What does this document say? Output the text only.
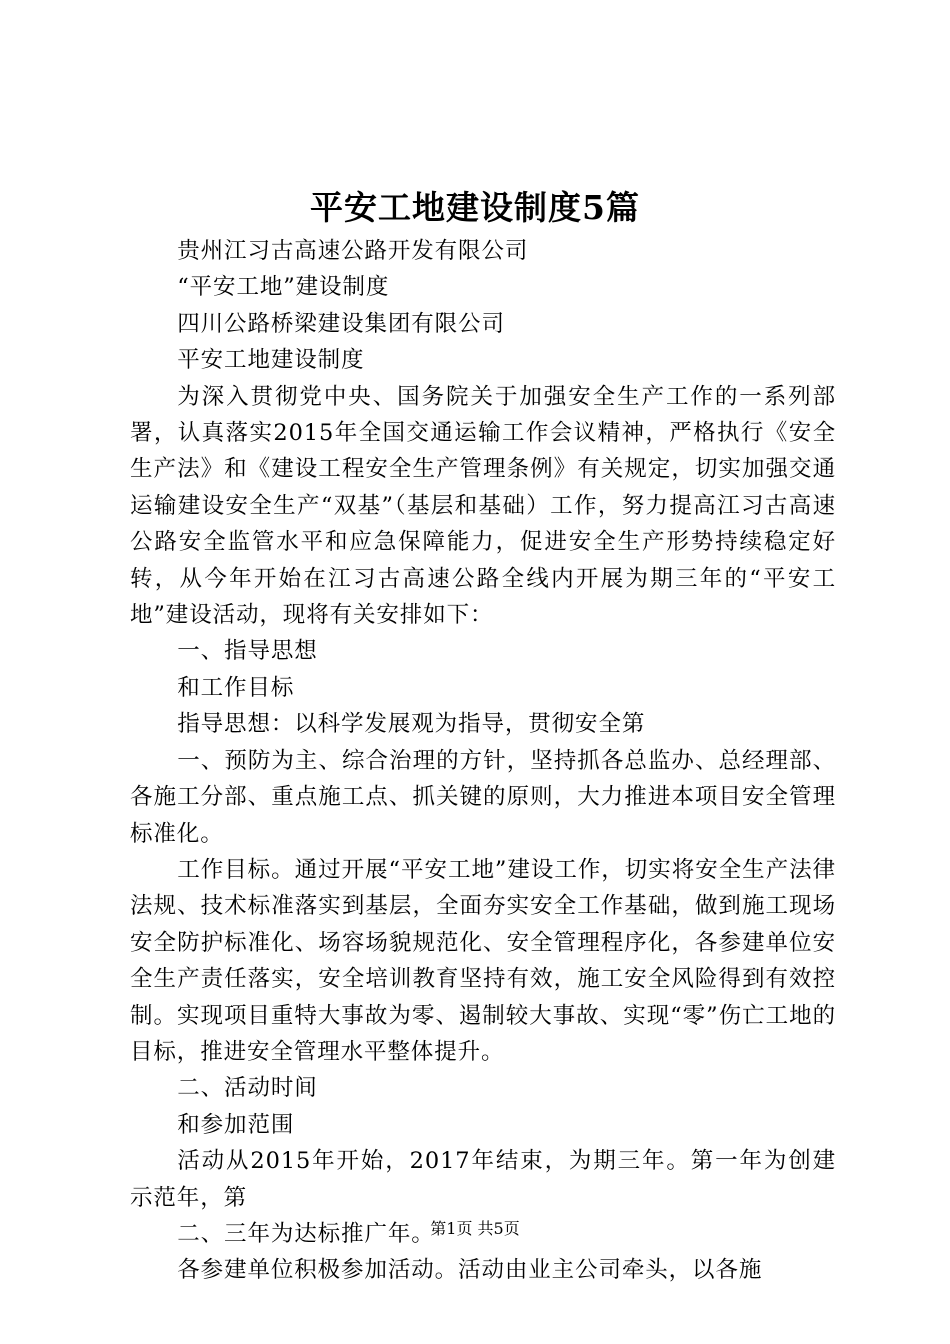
平安工地建设制度5篇

贵州江习古高速公路开发有限公司

“平安工地”建设制度

四川公路桥梁建设集团有限公司

平安工地建设制度

为深入贯彻党中央、国务院关于加强安全生产工作的一系列部署，认真落实2015年全国交通运输工作会议精神，严格执行《安全生产法》和《建设工程安全生产管理条例》有关规定，切实加强交通运输建设安全生产“双基”（基层和基础）工作，努力提高江习古高速公路安全监管水平和应急保障能力，促进安全生产形势持续稳定好转，从今年开始在江习古高速公路全线内开展为期三年的“平安工地”建设活动，现将有关安排如下：

一、指导思想

和工作目标

指导思想：以科学发展观为指导，贯彻安全第

一、预防为主、综合治理的方针，坚持抓各总监办、总经理部、各施工分部、重点施工点、抓关键的原则，大力推进本项目安全管理标准化。

工作目标。通过开展“平安工地”建设工作，切实将安全生产法律法规、技术标准落实到基层，全面夯实安全工作基础，做到施工现场安全防护标准化、场容场貌规范化、安全管理程序化，各参建单位安全生产责任落实，安全培训教育坚持有效，施工安全风险得到有效控制。实现项目重特大事故为零、遏制较大事故、实现“零”伤亡工地的目标，推进安全管理水平整体提升。

二、活动时间

和参加范围

活动从2015年开始，2017年结束，为期三年。第一年为创建示范年，第

二、三年为达标推广年。

各参建单位积极参加活动。活动由业主公司牵头，以各施

第1页 共5页
